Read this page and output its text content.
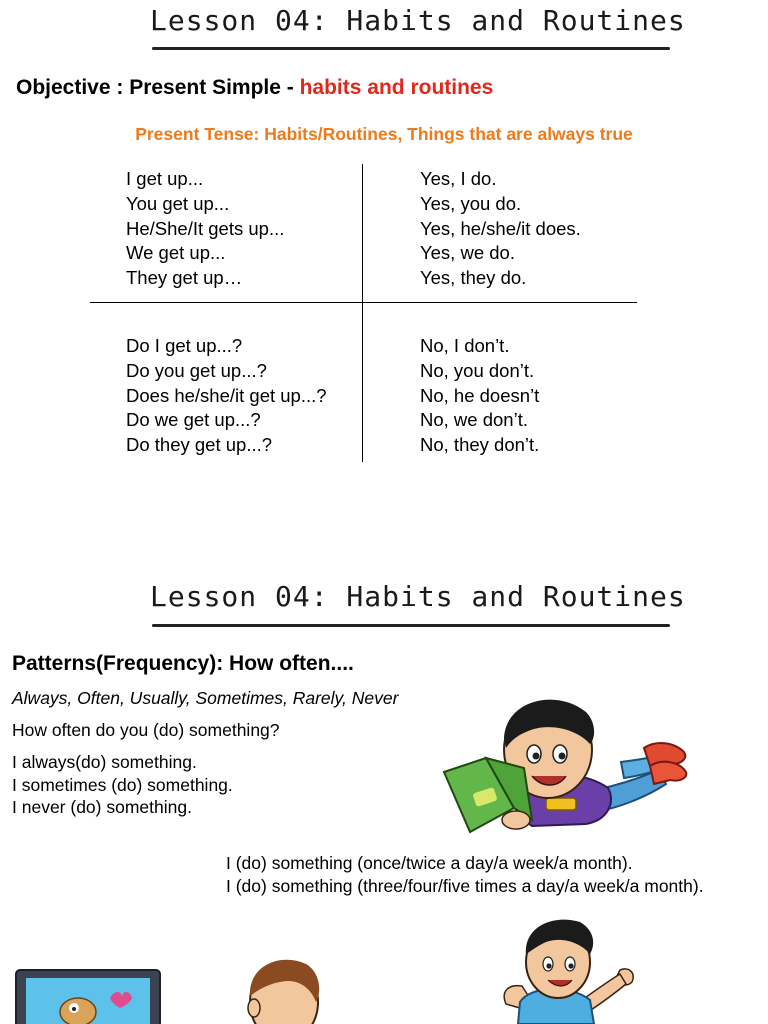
Lesson 04: Habits and Routines
Objective : Present Simple - habits and routines
Present Tense: Habits/Routines, Things that are always true
I get up...
You get up...
He/She/It gets up...
We get up...
They get up…
Yes, I do.
Yes, you do.
Yes, he/she/it does.
Yes, we do.
Yes, they do.
Do I get up...?
Do you get up...?
Does he/she/it get up...?
Do we get up...?
Do they get up...?
No, I don’t.
No, you don’t.
No, he doesn’t
No, we don’t.
No, they don’t.
Lesson 04: Habits and Routines
Patterns(Frequency): How often....
Always, Often, Usually, Sometimes, Rarely, Never
How often do you (do) something?
I always(do) something.
I sometimes (do) something.
I never (do) something.
I (do) something (once/twice a day/a week/a month).
I (do) something (three/four/five times a day/a week/a month).
